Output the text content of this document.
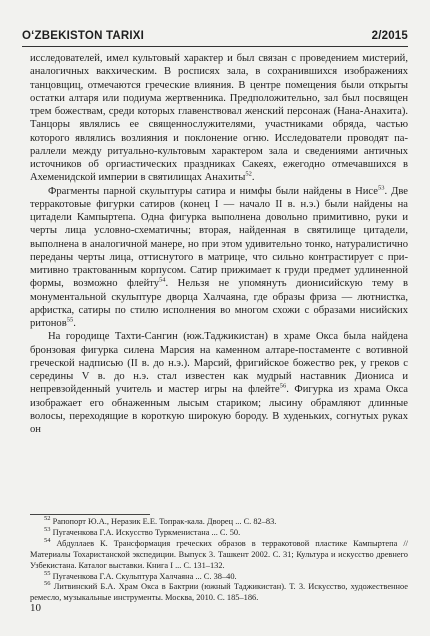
O‘ZBEKISTON TARIXI	2/2015

исследователей, имел культовый характер и был связан с проведением мистерий, аналогичных вакхическим. В росписях зала, в сохранившихся изображениях танцовщиц, отмечаются греческие влияния. В центре помещения были открыты остатки алтаря или подиума жертвенника. Предположительно, зал был посвящен трем божествам, среди которых главенствовал женский персонаж (Нана-Анахита). Танцоры являлись ее священнослужителями, участниками обряда, частью которого являлись возлияния и поклонение огню. Исследователи проводят параллели между ритуально-культовым характером зала и сведениями античных источников об оргиастических праздниках Сакеях, ежегодно отмечавшихся в Ахеменидской империи в святилищах Анахиты$^{52}$.

Фрагменты парной скульптуры сатира и нимфы были найдены в Нисе$^{53}$. Две терракотовые фигурки сатиров (конец I — начало II в. н.э.) были найдены на цитадели Кампыртепа. Одна фигурка выполнена довольно примитивно, руки и черты лица условно-схематичны; вторая, найденная в святилище цитадели, выполнена в аналогичной манере, но при этом удивительно тонко, натуралистично переданы черты лица, оттиснутого в матрице, что сильно контрастирует с примитивно трактованным корпусом. Сатир прижимает к груди предмет удлиненной формы, возможно флейту$^{54}$. Нельзя не упомянуть дионисийскую тему в монументальной скульптуре дворца Халчаяна, где образы фриза — лютнистка, арфистка, сатиры по стилю исполнения во многом схожи с образами нисийских ритонов$^{55}$.

На городище Тахти-Сангин (юж.Таджикистан) в храме Окса была найдена бронзовая фигурка силена Марсия на каменном алтаре-постаменте с вотивной греческой надписью (II в. до н.э.). Марсий, фригийское божество рек, у греков с середины V в. до н.э. стал известен как мудрый наставник Диониса и непревзойденный учитель и мастер игры на флейте$^{56}$. Фигурка из храма Окса изображает его обнаженным лысым стариком; лысину обрамляют длинные волосы, переходящие в короткую широкую бороду. В худеньких, согнутых руках он

$^{52}$ Рапопорт Ю.А., Неразик Е.Е. Топрак-кала. Дворец ... С. 82–83.

$^{53}$ Пугаченкова Г.А. Искусство Туркменистана ... С. 50.

$^{54}$ Абдуллаев К. Трансформация греческих образов в терракотовой пластике Кампыртепа // Материалы Тохаристанской экспедиции. Выпуск 3. Ташкент 2002. С. 31; Культура и искусство древнего Узбекистана. Каталог выставки. Книга I ... С. 131–132.

$^{55}$ Пугаченкова Г.А. Скульптура Халчаяна ... С. 38–40.

$^{56}$ Литвинский Б.А. Храм Окса в Бактрии (южный Таджикистан). Т. 3. Искусство, художественное ремесло, музыкальные инструменты. Москва, 2010. С. 185–186.

10
